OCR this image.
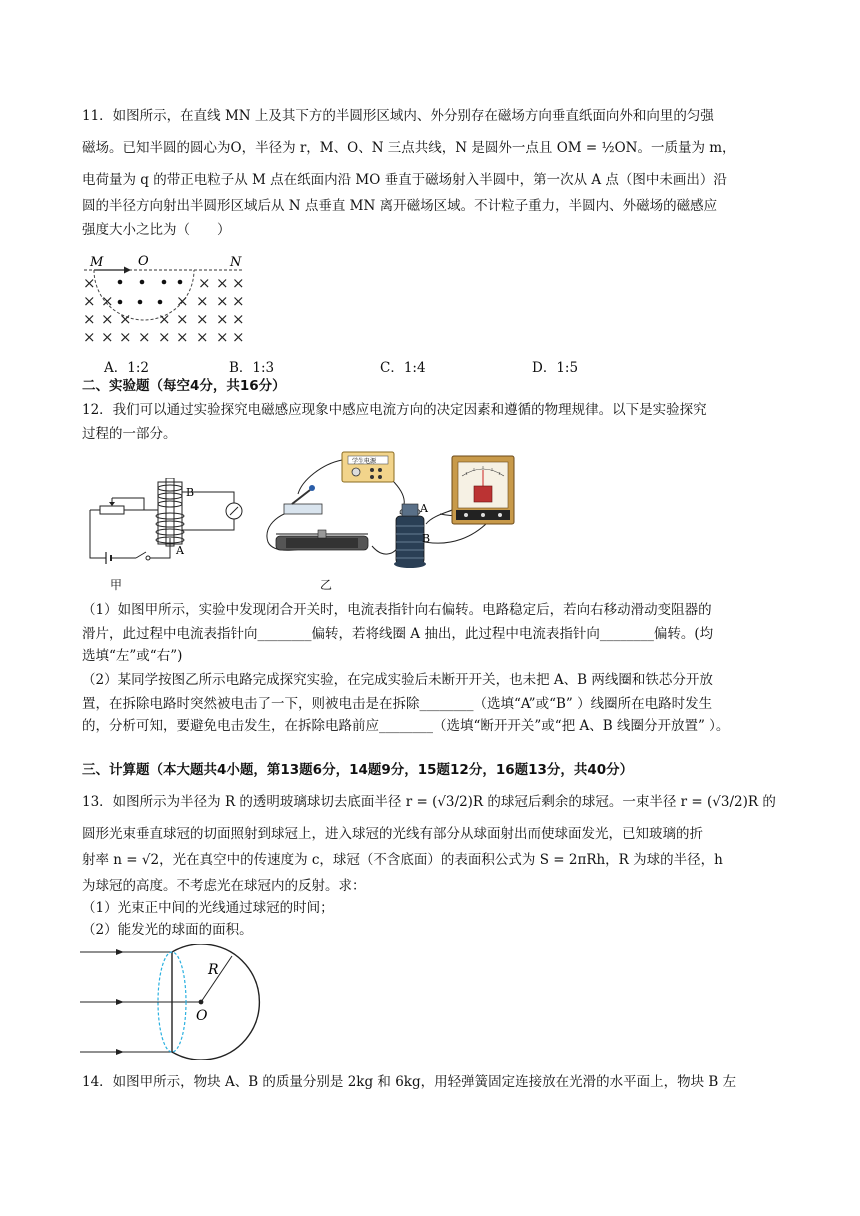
11．如图所示，在直线 MN 上及其下方的半圆形区域内、外分别存在磁场方向垂直纸面向外和向里的匀强
磁场。已知半圆的圆心为O，半径为 r，M、O、N 三点共线，N 是圆外一点且 OM = ½ON。一质量为 m，
电荷量为 q 的带正电粒子从 M 点在纸面内沿 MO 垂直于磁场射入半圆中，第一次从 A 点（图中未画出）沿
圆的半径方向射出半圆形区域后从 N 点垂直 MN 离开磁场区域。不计粒子重力，半圆内、外磁场的磁感应
强度大小之比为（　　）
M	O	N
×	× × ×
× ×	× × × ×
× × × × × × × ×
× × × × × × × × ×
A．1:2	B．1:3	C．1:4	D．1:5
二、实验题（每空4分，共16分）
12．我们可以通过实验探究电磁感应现象中感应电流方向的决定因素和遵循的物理规律。以下是实验探究
过程的一部分。
B
A
甲
学生电源
A
B
乙
（1）如图甲所示，实验中发现闭合开关时，电流表指针向右偏转。电路稳定后，若向右移动滑动变阻器的
滑片，此过程中电流表指针向________偏转，若将线圈 A 抽出，此过程中电流表指针向________偏转。(均
选填“左”或“右”)
（2）某同学按图乙所示电路完成探究实验，在完成实验后未断开开关，也未把 A、B 两线圈和铁芯分开放
置，在拆除电路时突然被电击了一下，则被电击是在拆除________（选填“A”或“B” ）线圈所在电路时发生
的，分析可知，要避免电击发生，在拆除电路前应________（选填“断开开关”或“把 A、B 线圈分开放置” ）。
三、计算题（本大题共4小题，第13题6分，14题9分，15题12分，16题13分，共40分）
13．如图所示为半径为 R 的透明玻璃球切去底面半径 r = (√3/2)R 的球冠后剩余的球冠。一束半径 r = (√3/2)R 的
圆形光束垂直球冠的切面照射到球冠上，进入球冠的光线有部分从球面射出而使球面发光，已知玻璃的折
射率 n = √2，光在真空中的传速度为 c，球冠（不含底面）的表面积公式为 S = 2πRh，R 为球的半径，h
为球冠的高度。不考虑光在球冠内的反射。求：
（1）光束正中间的光线通过球冠的时间；
（2）能发光的球面的面积。
R
O
14．如图甲所示，物块 A、B 的质量分别是 2kg 和 6kg，用轻弹簧固定连接放在光滑的水平面上，物块 B 左
